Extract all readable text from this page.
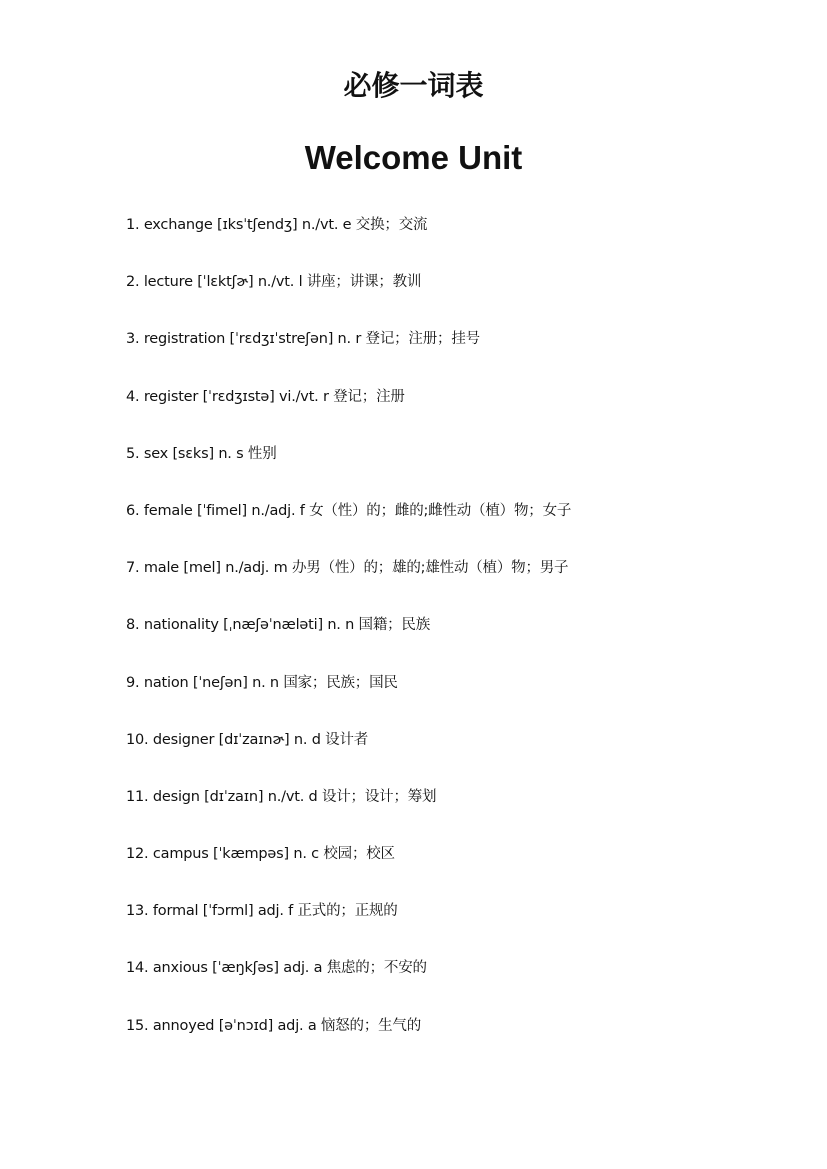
必修一词表
Welcome Unit
1. exchange [ɪksˈtʃendʒ] n./vt. e 交换；交流
2. lecture [ˈlɛktʃɚ] n./vt. l 讲座；讲课；教训
3. registration [ˈrɛdʒɪˈstreʃən] n. r 登记；注册；挂号
4. register [ˈrɛdʒɪstə] vi./vt. r 登记；注册
5. sex [sɛks] n. s 性别
6. female [ˈfimel] n./adj. f 女（性）的；雌的;雌性动（植）物；女子
7. male [mel] n./adj. m 办男（性）的；雄的;雄性动（植）物；男子
8. nationality [ˌnæʃəˈnæləti] n. n 国籍；民族
9. nation [ˈneʃən] n. n 国家；民族；国民
10. designer [dɪˈzaɪnɚ] n. d 设计者
11. design [dɪˈzaɪn] n./vt. d 设计；设计；筹划
12. campus [ˈkæmpəs] n. c 校园；校区
13. formal [ˈfɔrml] adj. f 正式的；正规的
14. anxious [ˈæŋkʃəs] adj. a 焦虑的；不安的
15. annoyed [əˈnɔɪd] adj. a 恼怒的；生气的
